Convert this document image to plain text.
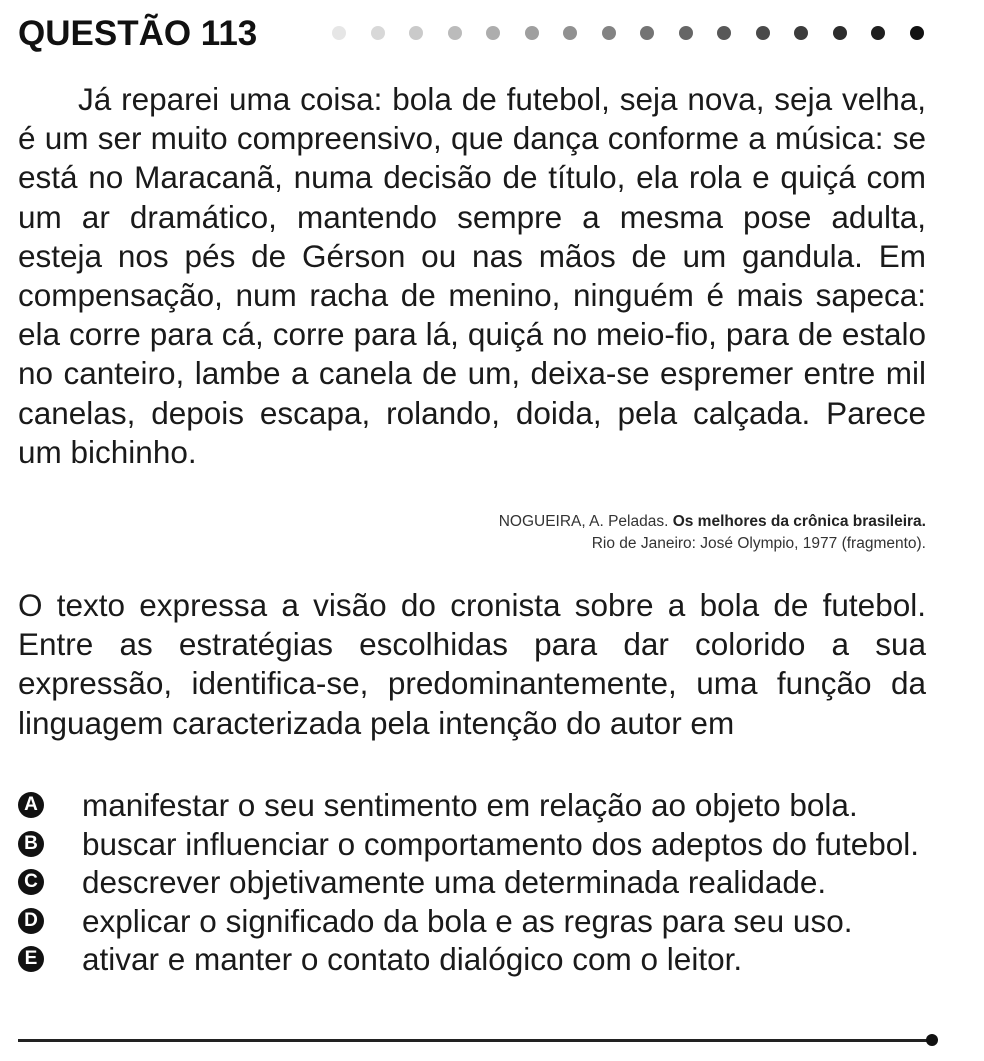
QUESTÃO 113
Já reparei uma coisa: bola de futebol, seja nova, seja velha, é um ser muito compreensivo, que dança conforme a música: se está no Maracanã, numa decisão de título, ela rola e quiçá com um ar dramático, mantendo sempre a mesma pose adulta, esteja nos pés de Gérson ou nas mãos de um gandula. Em compensação, num racha de menino, ninguém é mais sapeca: ela corre para cá, corre para lá, quiçá no meio-fio, para de estalo no canteiro, lambe a canela de um, deixa-se espremer entre mil canelas, depois escapa, rolando, doida, pela calçada. Parece um bichinho.
NOGUEIRA, A. Peladas. Os melhores da crônica brasileira.
Rio de Janeiro: José Olympio, 1977 (fragmento).
O texto expressa a visão do cronista sobre a bola de futebol. Entre as estratégias escolhidas para dar colorido a sua expressão, identifica-se, predominantemente, uma função da linguagem caracterizada pela intenção do autor em
A manifestar o seu sentimento em relação ao objeto bola.
B buscar influenciar o comportamento dos adeptos do futebol.
C descrever objetivamente uma determinada realidade.
D explicar o significado da bola e as regras para seu uso.
E ativar e manter o contato dialógico com o leitor.
